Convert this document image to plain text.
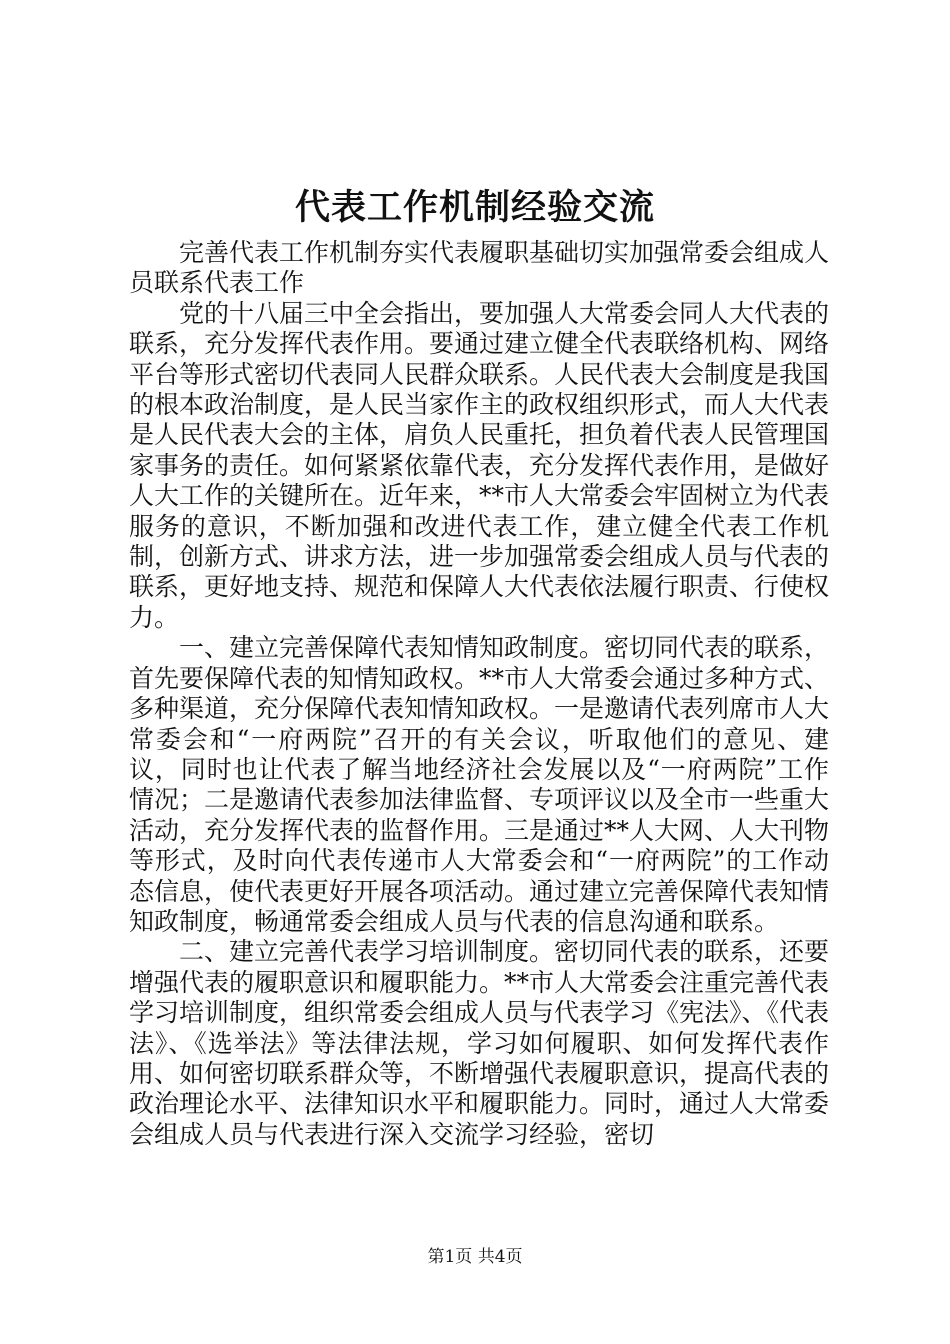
代表工作机制经验交流

完善代表工作机制夯实代表履职基础切实加强常委会组成人员联系代表工作

党的十八届三中全会指出，要加强人大常委会同人大代表的联系，充分发挥代表作用。要通过建立健全代表联络机构、网络平台等形式密切代表同人民群众联系。人民代表大会制度是我国的根本政治制度，是人民当家作主的政权组织形式，而人大代表是人民代表大会的主体，肩负人民重托，担负着代表人民管理国家事务的责任。如何紧紧依靠代表，充分发挥代表作用，是做好人大工作的关键所在。近年来，**市人大常委会牢固树立为代表服务的意识，不断加强和改进代表工作，建立健全代表工作机制，创新方式、讲求方法，进一步加强常委会组成人员与代表的联系，更好地支持、规范和保障人大代表依法履行职责、行使权力。

一、建立完善保障代表知情知政制度。密切同代表的联系，首先要保障代表的知情知政权。**市人大常委会通过多种方式、多种渠道，充分保障代表知情知政权。一是邀请代表列席市人大常委会和“一府两院”召开的有关会议，听取他们的意见、建议，同时也让代表了解当地经济社会发展以及“一府两院”工作情况；二是邀请代表参加法律监督、专项评议以及全市一些重大活动，充分发挥代表的监督作用。三是通过**人大网、人大刊物等形式，及时向代表传递市人大常委会和“一府两院”的工作动态信息，使代表更好开展各项活动。通过建立完善保障代表知情知政制度，畅通常委会组成人员与代表的信息沟通和联系。

二、建立完善代表学习培训制度。密切同代表的联系，还要增强代表的履职意识和履职能力。**市人大常委会注重完善代表学习培训制度，组织常委会组成人员与代表学习《宪法》、《代表法》、《选举法》等法律法规，学习如何履职、如何发挥代表作用、如何密切联系群众等，不断增强代表履职意识，提高代表的政治理论水平、法律知识水平和履职能力。同时，通过人大常委会组成人员与代表进行深入交流学习经验，密切

第1页 共4页
